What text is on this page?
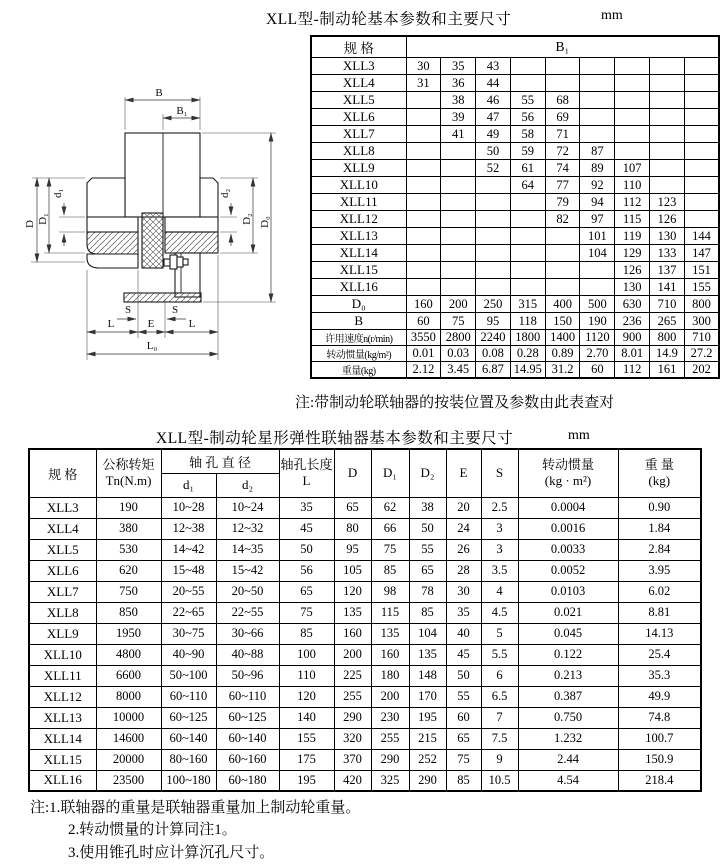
XLL型-制动轮基本参数和主要尺寸	mm
B
B₁
D D₁
d₁	d₂
D₂ D₀
S	S
L	E	L
L₀
规 格	B₁								
XLL3	30	35	43						
XLL4	31	36	44						
XLL5		38	46	55	68				
XLL6		39	47	56	69				
XLL7		41	49	58	71				
XLL8			50	59	72	87			
XLL9			52	61	74	89	107		
XLL10				64	77	92	110		
XLL11					79	94	112	123	
XLL12					82	97	115	126	
XLL13						101	119	130	144
XLL14						104	129	133	147
XLL15							126	137	151
XLL16							130	141	155
D₀	160	200	250	315	400	500	630	710	800
B	60	75	95	118	150	190	236	265	300
许用速度n(r/min)	3550	2800	2240	1800	1400	1120	900	800	710
转动惯量(kg/m²)	0.01	0.03	0.08	0.28	0.89	2.70	8.01	14.9	27.2
重量(kg)	2.12	3.45	6.87	14.95	31.2	60	112	161	202
注:带制动轮联轴器的按装位置及参数由此表查对
XLL型-制动轮星形弹性联轴器基本参数和主要尺寸	mm
规 格	
公称转矩
Tn(N.m)
	轴 孔 直 径	轴孔长度
L
	D	D₁	D₂	E	S	
转动惯量
(kg · m²)

重 量
(kg)

		d₁	d₂								
XLL3	190	10~28	10~24	35	65	62	38	20	2.5	0.0004	0.90
XLL4	380	12~38	12~32	45	80	66	50	24	3	0.0016	1.84
XLL5	530	14~42	14~35	50	95	75	55	26	3	0.0033	2.84
XLL6	620	15~48	15~42	56	105	85	65	28	3.5	0.0052	3.95
XLL7	750	20~55	20~50	65	120	98	78	30	4	0.0103	6.02
XLL8	850	22~65	22~55	75	135	115	85	35	4.5	0.021	8.81
XLL9	1950	30~75	30~66	85	160	135	104	40	5	0.045	14.13
XLL10	4800	40~90	40~88	100	200	160	135	45	5.5	0.122	25.4
XLL11	6600	50~100	50~96	110	225	180	148	50	6	0.213	35.3
XLL12	8000	60~110	60~110	120	255	200	170	55	6.5	0.387	49.9
XLL13	10000	60~125	60~125	140	290	230	195	60	7	0.750	74.8
XLL14	14600	60~140	60~140	155	320	255	215	65	7.5	1.232	100.7
XLL15	20000	80~160	60~160	175	370	290	252	75	9	2.44	150.9
XLL16	23500	100~180	60~180	195	420	325	290	85	10.5	4.54	218.4
注:1.联轴器的重量是联轴器重量加上制动轮重量。
2.转动惯量的计算同注1。
3.使用锥孔时应计算沉孔尺寸。
